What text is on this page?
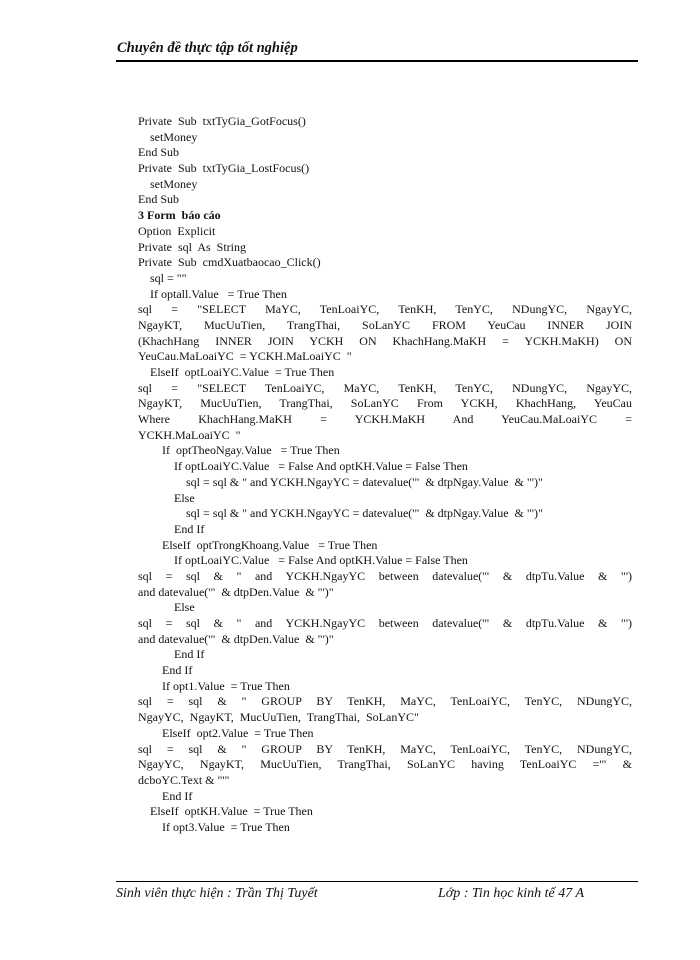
Chuyên đề thực tập tốt nghiệp
Private  Sub  txtTyGia_GotFocus()
setMoney
End Sub
Private  Sub  txtTyGia_LostFocus()
setMoney
End Sub
3 Form  báo cáo
Option  Explicit
Private  sql  As  String
Private  Sub  cmdXuatbaocao_Click()
sql = ""
If optall.Value   = True Then
sql = "SELECT MaYC, TenLoaiYC, TenKH, TenYC, NDungYC, NgayYC,
NgayKT, MucUuTien, TrangThai, SoLanYC FROM YeuCau INNER JOIN
(KhachHang INNER JOIN YCKH ON KhachHang.MaKH = YCKH.MaKH) ON
YeuCau.MaLoaiYC  = YCKH.MaLoaiYC  "
ElseIf  optLoaiYC.Value  = True Then
sql = "SELECT TenLoaiYC, MaYC, TenKH, TenYC, NDungYC, NgayYC,
NgayKT, MucUuTien, TrangThai, SoLanYC From YCKH, KhachHang, YeuCau
Where KhachHang.MaKH = YCKH.MaKH And YeuCau.MaLoaiYC =
YCKH.MaLoaiYC  "
If  optTheoNgay.Value   = True Then
If optLoaiYC.Value   = False And optKH.Value = False Then
sql = sql & " and YCKH.NgayYC = datevalue('"  & dtpNgay.Value  & "')"
Else
sql = sql & " and YCKH.NgayYC = datevalue('"  & dtpNgay.Value  & "')"
End If
ElseIf  optTrongKhoang.Value   = True Then
If optLoaiYC.Value   = False And optKH.Value = False Then
sql = sql & " and YCKH.NgayYC between datevalue('" & dtpTu.Value & "')
and datevalue('"  & dtpDen.Value  & "')"
Else
sql = sql & " and YCKH.NgayYC between datevalue('" & dtpTu.Value & "')
and datevalue('"  & dtpDen.Value  & "')"
End If
End If
If opt1.Value  = True Then
sql = sql & " GROUP BY TenKH, MaYC, TenLoaiYC, TenYC, NDungYC,
NgayYC,  NgayKT,  MucUuTien,  TrangThai,  SoLanYC"
ElseIf  opt2.Value  = True Then
sql = sql & " GROUP BY TenKH, MaYC, TenLoaiYC, TenYC, NDungYC,
NgayYC, NgayKT, MucUuTien, TrangThai, SoLanYC having TenLoaiYC ='" &
dcboYC.Text & "'"
End If
ElseIf  optKH.Value  = True Then
If opt3.Value  = True Then
Sinh viên thực hiện : Trần Thị Tuyết	Lớp : Tin học kinh tế 47 A
